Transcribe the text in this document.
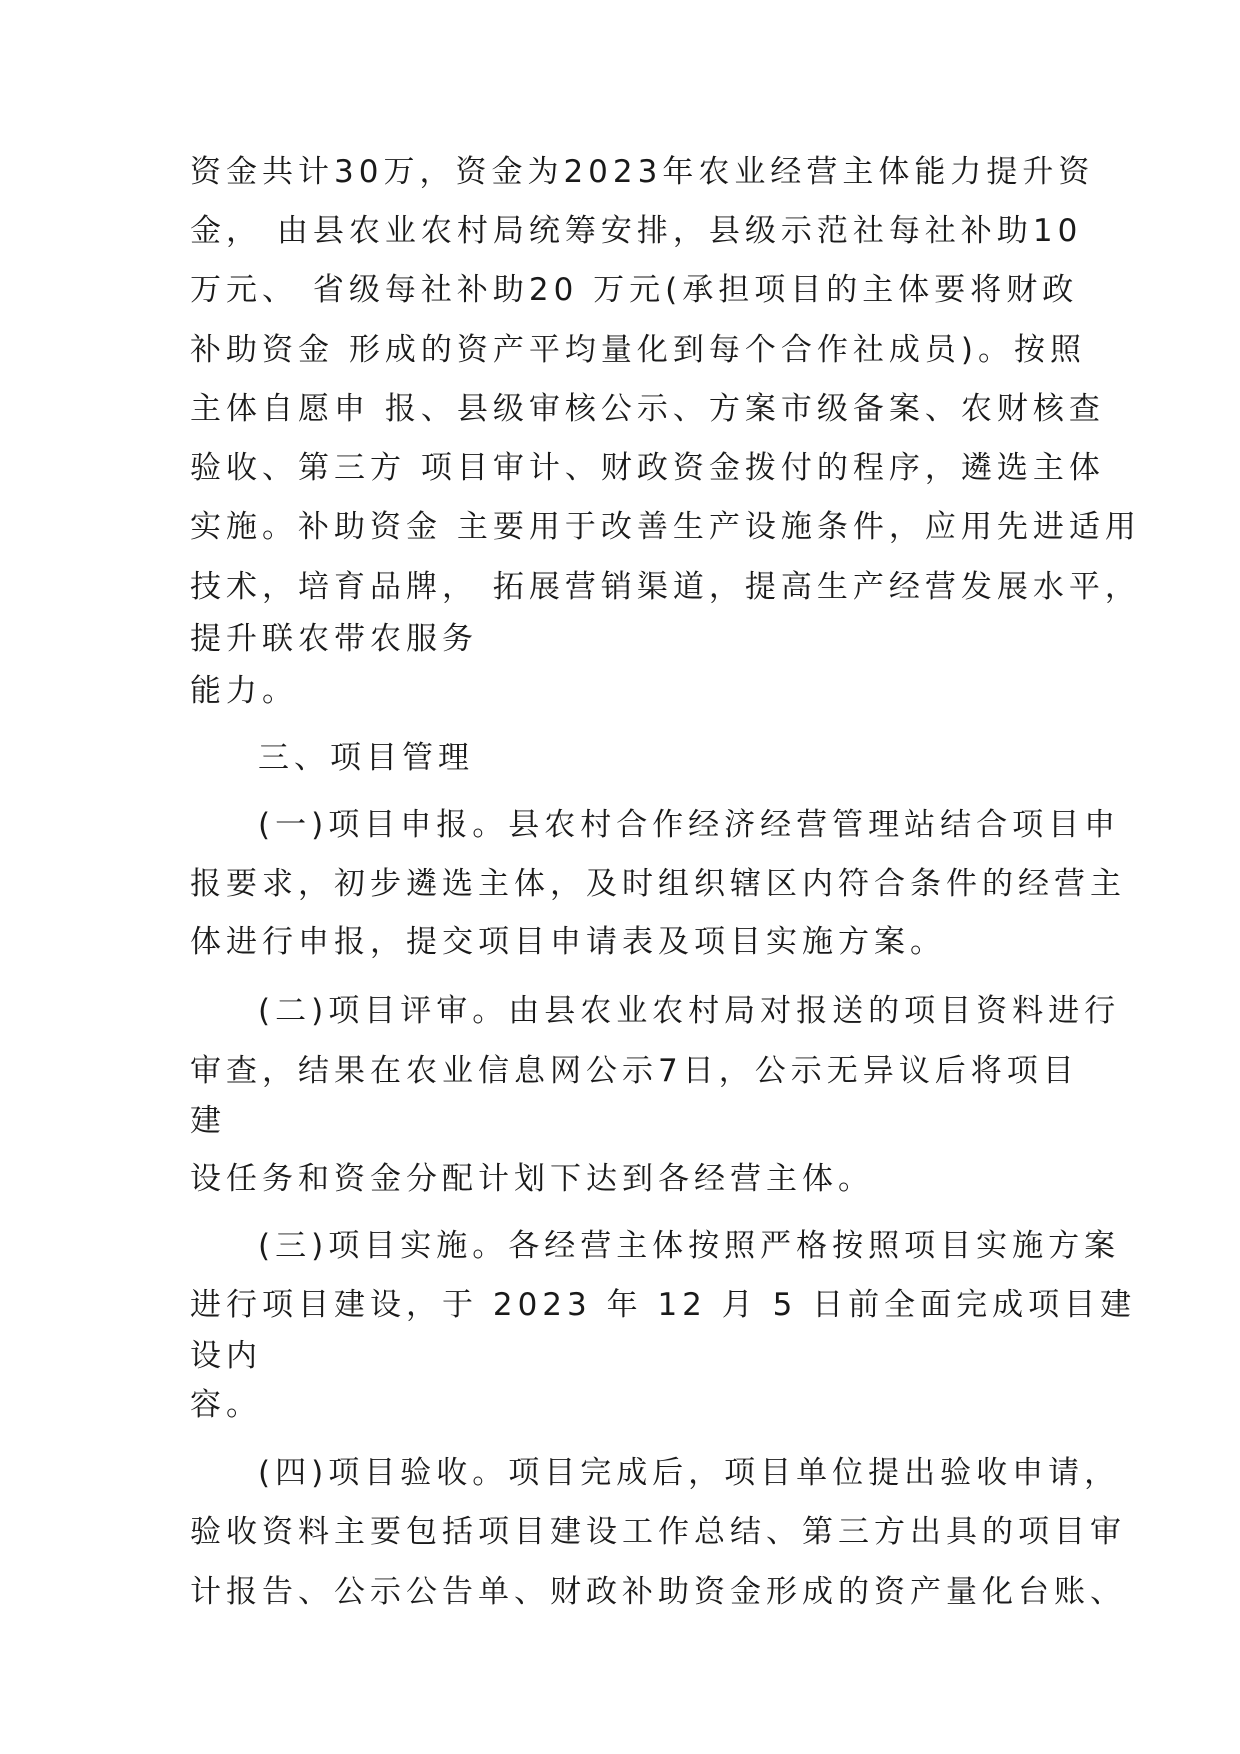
资金共计30万，资金为2023年农业经营主体能力提升资
金， 由县农业农村局统筹安排，县级示范社每社补助10
万元、 省级每社补助20 万元(承担项目的主体要将财政
补助资金 形成的资产平均量化到每个合作社成员)。按照
主体自愿申 报、县级审核公示、方案市级备案、农财核查
验收、第三方 项目审计、财政资金拨付的程序，遴选主体
实施。补助资金 主要用于改善生产设施条件，应用先进适用
技术，培育品牌， 拓展营销渠道，提高生产经营发展水平，
提升联农带农服务
能力。
三、项目管理
(一)项目申报。县农村合作经济经营管理站结合项目申
报要求，初步遴选主体，及时组织辖区内符合条件的经营主
体进行申报，提交项目申请表及项目实施方案。
(二)项目评审。由县农业农村局对报送的项目资料进行
审查，结果在农业信息网公示7日，公示无异议后将项目
建
设任务和资金分配计划下达到各经营主体。
(三)项目实施。各经营主体按照严格按照项目实施方案
进行项目建设，于 2023 年 12 月 5 日前全面完成项目建
设内
容。
(四)项目验收。项目完成后，项目单位提出验收申请，
验收资料主要包括项目建设工作总结、第三方出具的项目审
计报告、公示公告单、财政补助资金形成的资产量化台账、
